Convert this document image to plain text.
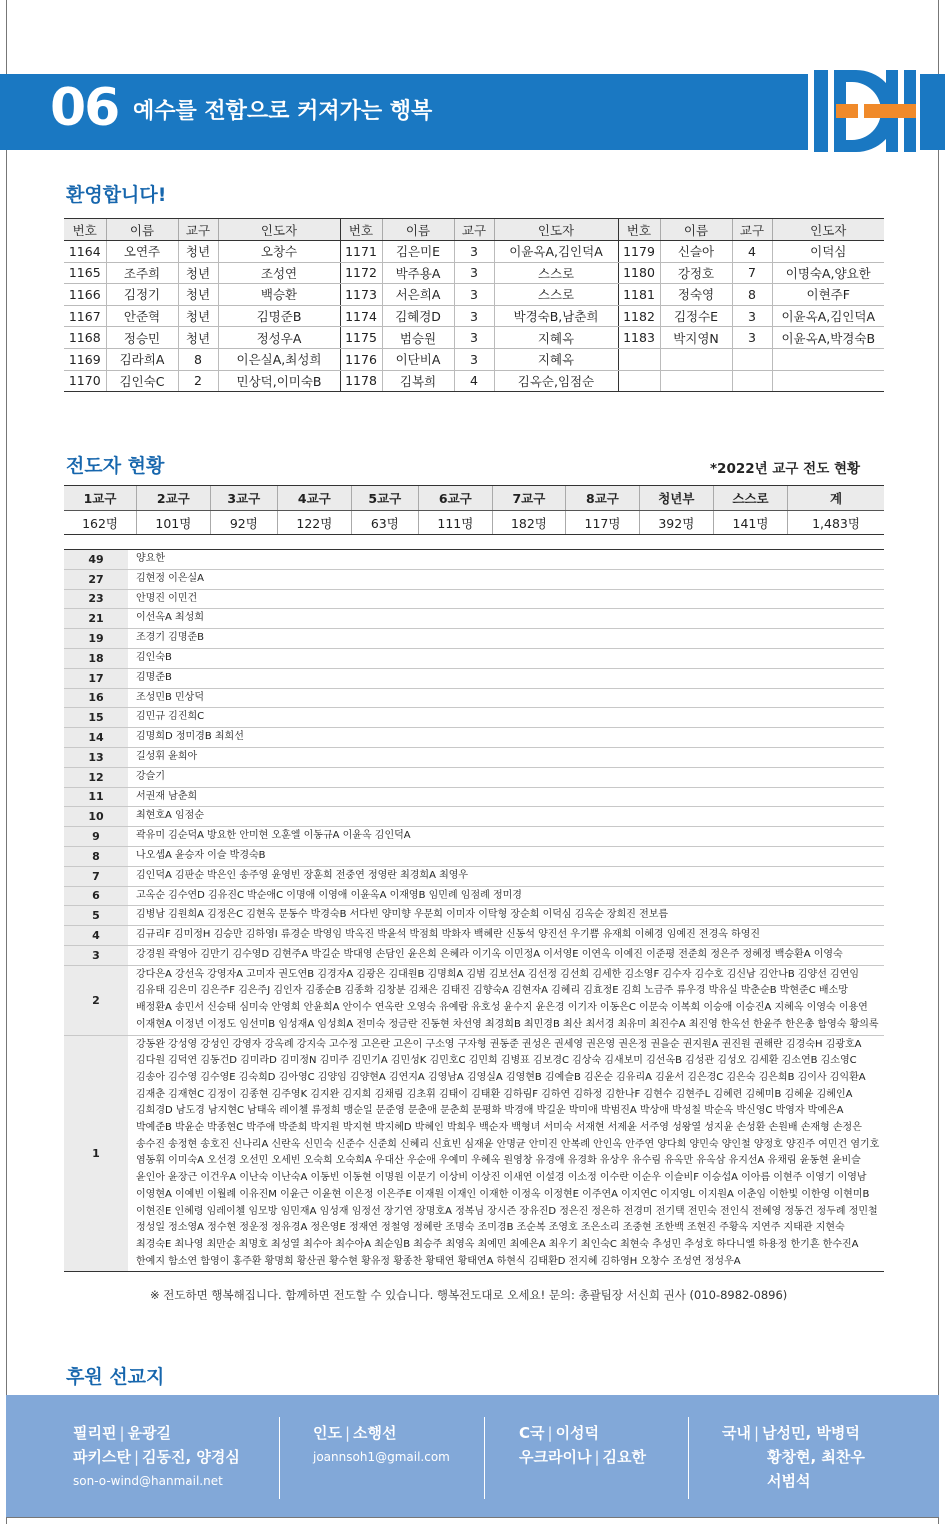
06 예수를 전함으로 커져가는 행복
환영합니다!
번호	이름	교구	인도자	번호	이름	교구	인도자	번호	이름	교구	인도자
1164	오연주	청년	오창수	1171	김은미E	3	이윤옥A,김인덕A	1179	신슬아	4	이덕심
1165	조주희	청년	조성연	1172	박주용A	3	스스로	1180	강정호	7	이명숙A,양요한
1166	김정기	청년	백승환	1173	서은희A	3	스스로	1181	정숙영	8	이현주F
1167	안준혁	청년	김명준B	1174	김혜경D	3	박경숙B,남춘희	1182	김정수E	3	이윤옥A,김인덕A
1168	정승민	청년	정성우A	1175	범승원	3	지혜옥	1183	박지영N	3	이윤옥A,박경숙B
1169	김라희A	8	이은실A,최성희	1176	이단비A	3	지혜옥				
1170	김인숙C	2	민상덕,이미숙B	1178	김복희	4	김옥순,임점순				
전도자 현황	*2022년 교구 전도 현황
1교구	2교구	3교구	4교구	5교구	6교구	7교구	8교구	청년부	스스로	계
162명	101명	92명	122명	63명	111명	182명	117명	392명	141명	1,483명
49	양요한
27	김현정 이은실A
23	안명진 이민건
21	이선옥A 최성희
19	조경기 김명준B
18	김인숙B
17	김명준B
16	조성민B 민상덕
15	김민규 김진희C
14	김명희D 정미경B 최희선
13	길성휘 윤희아
12	강슬기
11	서권재 남춘희
10	최현호A 임점순
9	곽유미 김순덕A 방요한 안미현 오훈엘 이동규A 이윤옥 김인덕A
8	나오셉A 윤승자 이슬 박경숙B
7	김인덕A 김판순 박은인 송주영 윤영빈 장훈희 전중연 정영란 최경희A 최영우
6	고옥순 김수연D 김유진C 박순애C 이명애 이영애 이윤옥A 이재영B 임민례 임점례 정미경
5	김병남 김원희A 김정은C 김현옥 문동수 박경숙B 서다빈 양미향 우문희 이미자 이탁형 장순희 이덕심 김옥순 장희진 전보름
4	김규리F 김미정H 김승만 김하영I 류경순 박영임 박옥진 박윤석 박점희 박화자 백혜란 신동석 양진선 우기쁨 유재희 이혜경 임예진 전경옥 하영진
3	강경원 곽영아 김만기 김수영D 김현주A 박길순 박대영 손담인 윤은희 은혜라 이기옥 이민정A 이서영E 이연옥 이예진 이준평 전준희 정은주 정혜정 백승환A 이영숙
2	강다은A 강선옥 강영자A 고미자 권도연B 김경자A 김광은 김대원B 김명희A 김범 김보선A 김선정 김선희 김세한 김소영F 김수자 김수호 김신남 김안나B 김양선 김연임 김유태 김은미 김은주F 김은주J 김인자 김종순B 김종화 김창분 김채은 김태진 김향숙A 김현자A 김혜리 김효정E 김희 노금주 류우경 박유실 박춘순B 박현준C 배소망 배정환A 송민서 신승태 심미숙 안영희 안윤희A 안이수 연옥란 오영숙 유예람 유호성 윤수지 윤은경 이기자 이동은C 이문숙 이복희 이승애 이승진A 지혜옥 이영숙 이용연 이재현A 이정년 이정도 임선미B 임성재A 임성희A 전미숙 정금란 진동현 차선영 최경희B 최민경B 최산 최서경 최유미 최진수A 최진영 한옥선 한윤주 한은총 함영숙 황의록
1	강동완 강성영 강성인 강영자 강옥례 강지숙 고수정 고은란 고은이 구소영 구자형 권동준 권성은 권세영 권은영 권은정 권을순 권지원A 권진원 권해란 김경숙H 김광호A 김다원 김덕연 김동건D 김미라D 김미정N 김미주 김민기A 김민성K 김민호C 김민희 김병표 김보경C 김상숙 김새보미 김선옥B 김성관 김성오 김세환 김소연B 김소영C 김송아 김수영 김수영E 김숙희D 김아영C 김양임 김양현A 김연지A 김영남A 김영실A 김영현B 김예슬B 김온순 김유리A 김윤서 김은경C 김은숙 김은희B 김이사 김익환A 김재춘 김재현C 김정이 김종현 김주영K 김지완 김지희 김채림 김초휘 김태이 김태환 김하림F 김하연 김하정 김한나F 김현수 김현주L 김혜련 김혜미B 김혜윤 김혜인A 김희경D 남도경 남지현C 남태옥 레이첼 류정희 맹순일 문준영 문춘애 문춘희 문평화 박경애 박길운 박미애 박범진A 박상애 박성칠 박순옥 박신영C 박영자 박예은A 박예준B 박윤순 박종현C 박주애 박준희 박지원 박지현 박지혜D 박혜인 박희우 백순자 백형녀 서미숙 서재현 서제윤 서주영 성왕열 성지윤 손성환 손원배 손재형 손정은 송수진 송정현 송호진 신나리A 신란옥 신민숙 신준수 신준희 신혜리 신효빈 심재윤 안명균 안미진 안복례 안인옥 안주연 양다희 양민숙 양인철 양정호 양진주 여민건 염기호 염동휘 이미숙A 오선경 오선민 오세빈 오숙희 오숙희A 우대산 우순애 우예미 우혜옥 원영창 유경애 유경화 유상우 유수림 유옥만 유옥삼 유지선A 유채림 윤동현 윤비슬 윤인아 윤장근 이건우A 이난숙 이난숙A 이동빈 이동현 이명원 이문기 이상비 이상진 이새연 이설경 이소정 이수란 이순우 이슬비F 이승섭A 이아름 이현주 이영기 이영남 이영현A 이예빈 이월례 이유진M 이윤근 이윤현 이은정 이은주E 이재원 이재인 이재한 이정옥 이정현E 이주연A 이지연C 이지영L 이지원A 이춘임 이한빛 이한영 이현미B 이현진E 인혜령 임레이첼 임모방 임민재A 임성재 임정선 장기연 장명호A 정복님 장시즌 장유진D 정은진 정은하 전경미 전기택 전민숙 전인식 전혜영 정동건 정두례 정민철 정성일 정소영A 정수현 정운정 정유경A 정은영E 정재연 정철영 정혜란 조명숙 조미경B 조순복 조영호 조은소리 조중현 조한백 조현진 주황옥 지연주 지태관 지현숙 최경숙E 최나영 최만순 최명호 최성열 최수아 최수아A 최순임B 최승주 최영옥 최예민 최예은A 최우기 최인숙C 최현숙 추성민 추성호 하다니엘 하용정 한기흔 한수진A 한예지 함소연 함영이 홍주환 황명희 황산권 황수현 황유정 황종찬 황태연 황태연A 하현식 김태환D 전지혜 김하영H 오창수 조성연 정성우A
※ 전도하면 행복해집니다. 함께하면 전도할 수 있습니다. 행복전도대로 오세요! 문의: 총괄팀장 서신희 권사 (010-8982-0896)
후원 선교지
필리핀 | 윤광길
파키스탄 | 김동진, 양경심
son-o-wind@hanmail.net
인도 | 소행선
joannsoh1@gmail.com
C국 | 이성덕
우크라이나 | 김요한
국내 | 남성민, 박병덕
황창현, 최찬우
서범석
